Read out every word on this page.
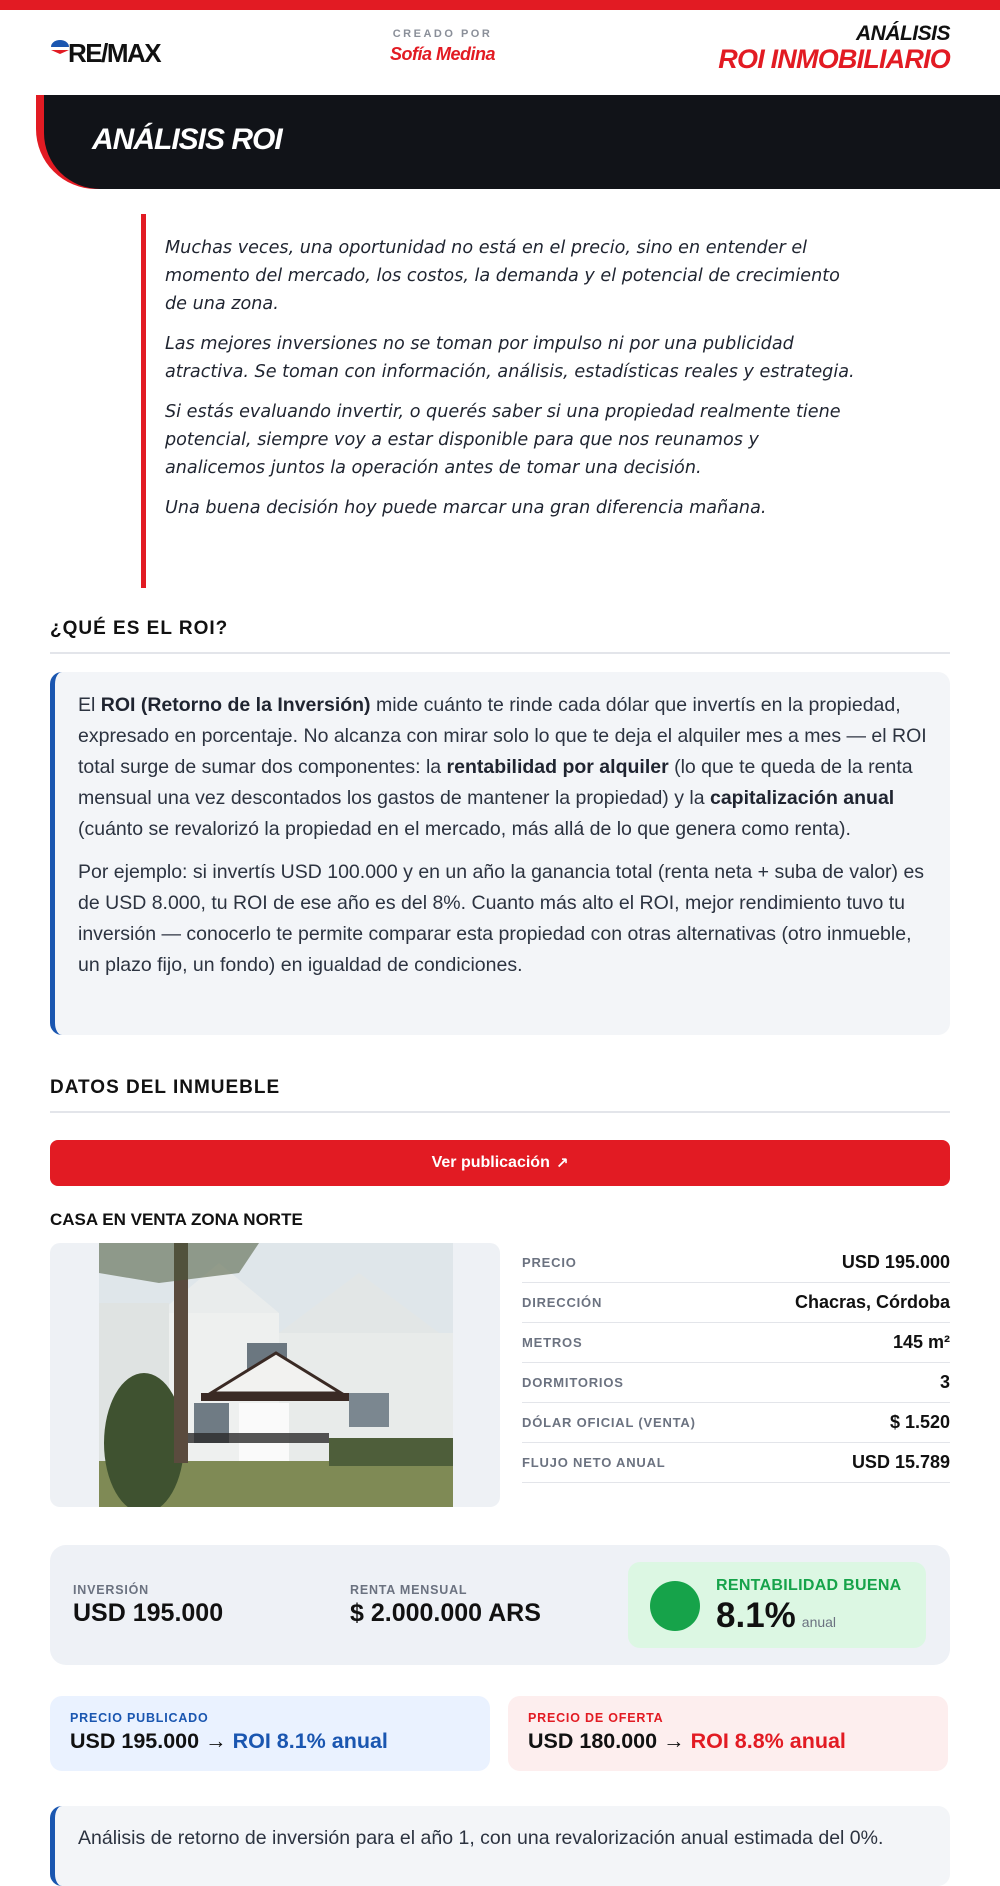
RE/MAX
CREADO POR
Sofía Medina
ANÁLISIS
ROI INMOBILIARIO
ANÁLISIS ROI

Muchas veces, una oportunidad no está en el precio, sino en entender el momento del mercado, los costos, la demanda y el potencial de crecimiento de una zona.

Las mejores inversiones no se toman por impulso ni por una publicidad atractiva. Se toman con información, análisis, estadísticas reales y estrategia.

Si estás evaluando invertir, o querés saber si una propiedad realmente tiene potencial, siempre voy a estar disponible para que nos reunamos y analicemos juntos la operación antes de tomar una decisión.

Una buena decisión hoy puede marcar una gran diferencia mañana.

¿QUÉ ES EL ROI?

El ROI (Retorno de la Inversión) mide cuánto te rinde cada dólar que invertís en la propiedad, expresado en porcentaje. No alcanza con mirar solo lo que te deja el alquiler mes a mes — el ROI total surge de sumar dos componentes: la rentabilidad por alquiler (lo que te queda de la renta mensual una vez descontados los gastos de mantener la propiedad) y la capitalización anual (cuánto se revalorizó la propiedad en el mercado, más allá de lo que genera como renta).

Por ejemplo: si invertís USD 100.000 y en un año la ganancia total (renta neta + suba de valor) es de USD 8.000, tu ROI de ese año es del 8%. Cuanto más alto el ROI, mejor rendimiento tuvo tu inversión — conocerlo te permite comparar esta propiedad con otras alternativas (otro inmueble, un plazo fijo, un fondo) en igualdad de condiciones.

DATOS DEL INMUEBLE
Ver publicación ↗
CASA EN VENTA ZONA NORTE
PRECIO	USD 195.000
DIRECCIÓN	Chacras, Córdoba
METROS	145 m²
DORMITORIOS	3
DÓLAR OFICIAL (VENTA)	$ 1.520
FLUJO NETO ANUAL	USD 15.789
INVERSIÓN
USD 195.000
RENTA MENSUAL
$ 2.000.000 ARS
RENTABILIDAD BUENA
8.1% anual
PRECIO PUBLICADO
USD 195.000 → ROI 8.1% anual
PRECIO DE OFERTA
USD 180.000 → ROI 8.8% anual

Análisis de retorno de inversión para el año 1, con una revalorización anual estimada del 0%.
